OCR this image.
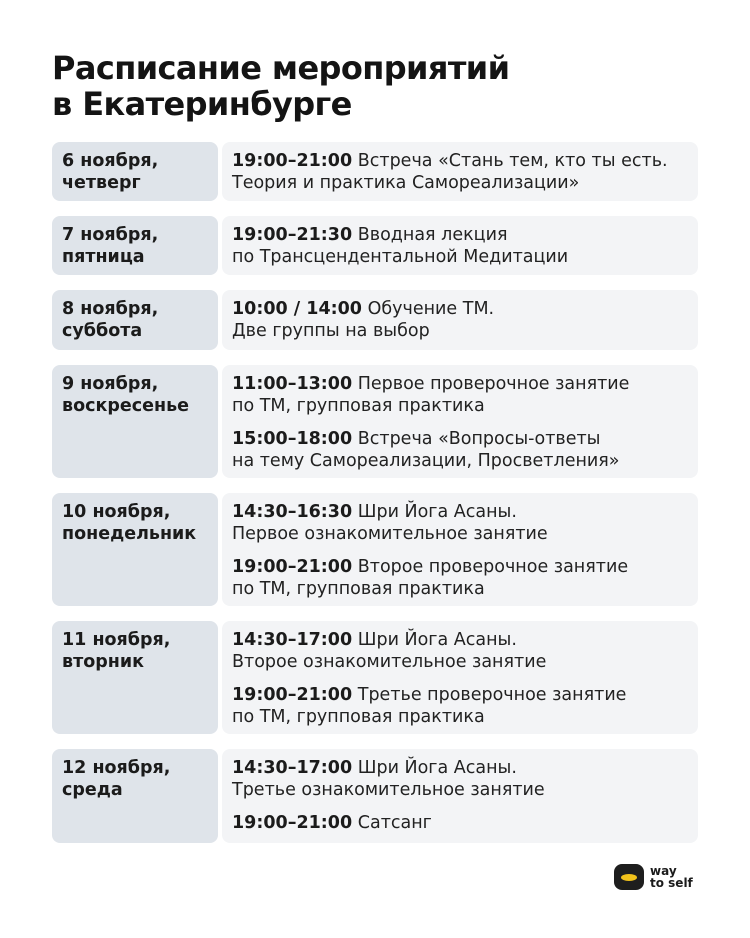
Расписание мероприятий
в Екатеринбурге
6 ноября,
четверг
19:00–21:00 Встреча «Стань тем, кто ты есть.
Теория и практика Самореализации»
7 ноября,
пятница
19:00–21:30 Вводная лекция
по Трансцендентальной Медитации
8 ноября,
суббота
10:00 / 14:00 Обучение ТМ.
Две группы на выбор
9 ноября,
воскресенье
11:00–13:00 Первое проверочное занятие
по ТМ, групповая практика
15:00–18:00 Встреча «Вопросы-ответы
на тему Самореализации, Просветления»
10 ноября,
понедельник
14:30–16:30 Шри Йога Асаны.
Первое ознакомительное занятие
19:00–21:00 Второе проверочное занятие
по ТМ, групповая практика
11 ноября,
вторник
14:30–17:00 Шри Йога Асаны.
Второе ознакомительное занятие
19:00–21:00 Третье проверочное занятие
по ТМ, групповая практика
12 ноября,
среда
14:30–17:00 Шри Йога Асаны.
Третье ознакомительное занятие
19:00–21:00 Сатсанг
way
to self
